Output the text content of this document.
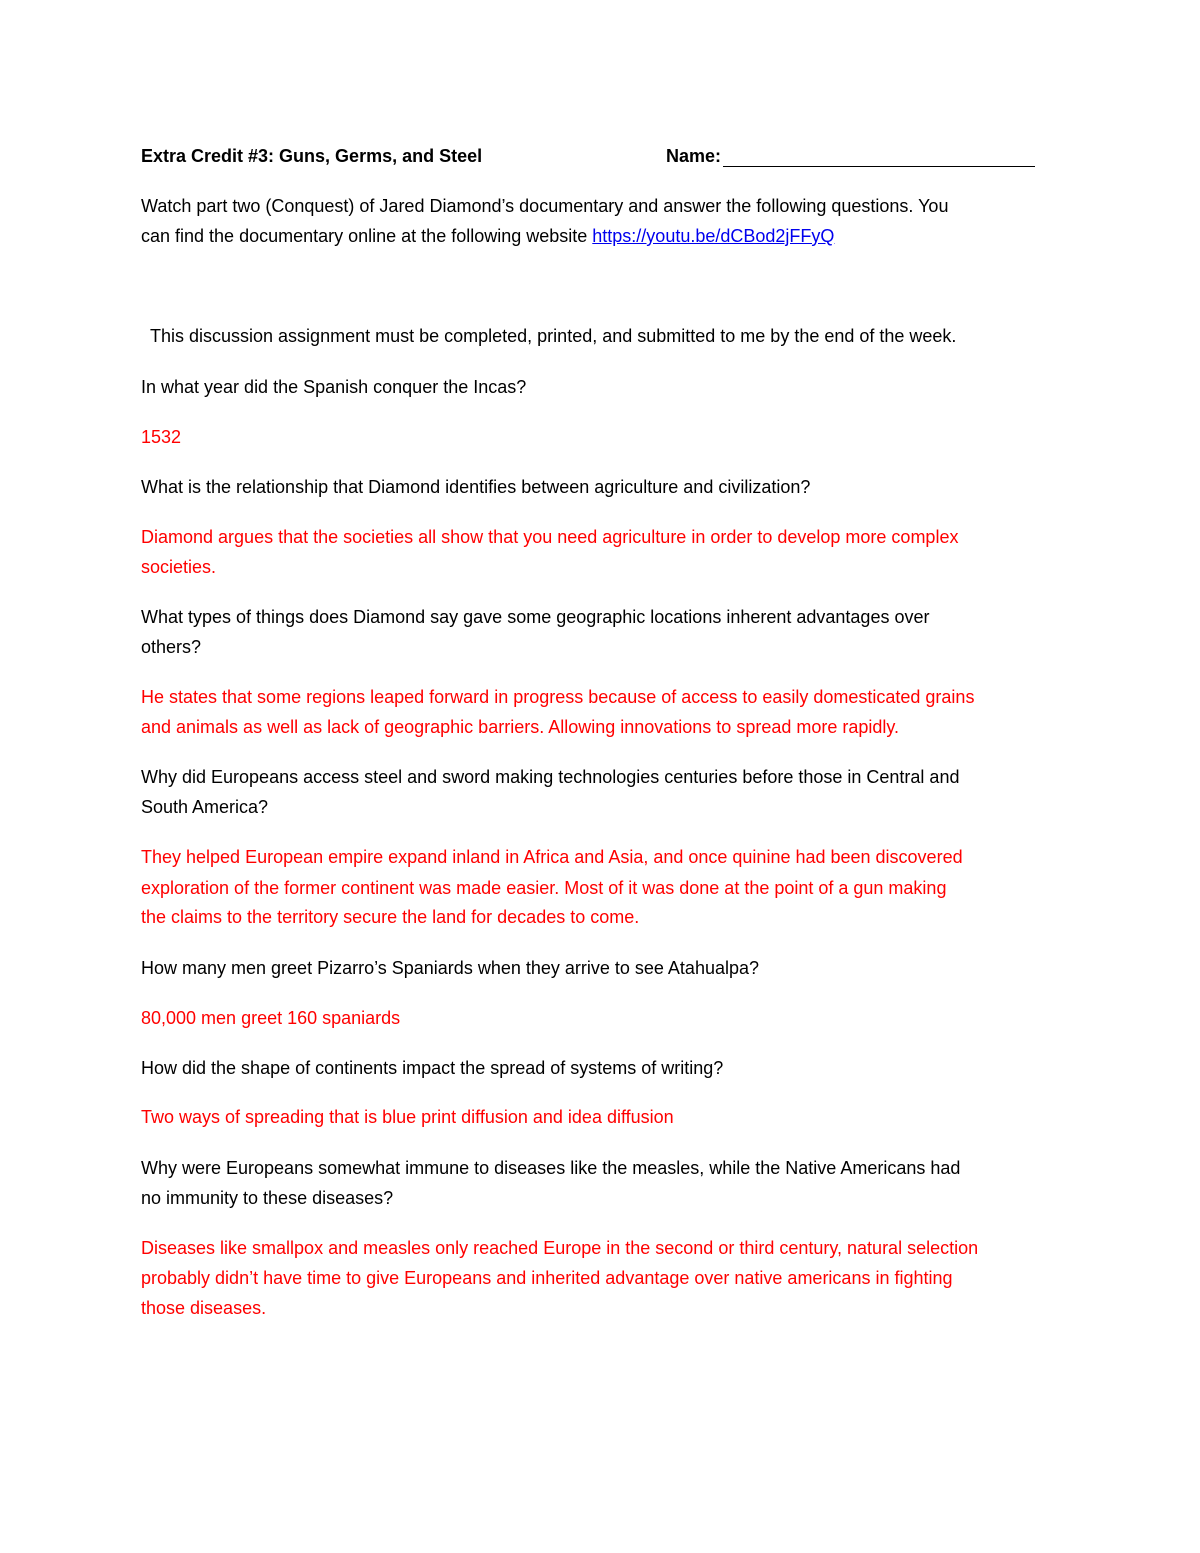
Extra Credit #3: Guns, Germs, and Steel	Name:
Watch part two (Conquest) of Jared Diamond’s documentary and answer the following questions. You
can find the documentary online at the following website https://youtu.be/dCBod2jFFyQ
This discussion assignment must be completed, printed, and submitted to me by the end of the week.
In what year did the Spanish conquer the Incas?
1532
What is the relationship that Diamond identifies between agriculture and civilization?
Diamond argues that the societies all show that you need agriculture in order to develop more complex
societies.
What types of things does Diamond say gave some geographic locations inherent advantages over
others?
He states that some regions leaped forward in progress because of access to easily domesticated grains
and animals as well as lack of geographic barriers. Allowing innovations to spread more rapidly.
Why did Europeans access steel and sword making technologies centuries before those in Central and
South America?
They helped European empire expand inland in Africa and Asia, and once quinine had been discovered
exploration of the former continent was made easier. Most of it was done at the point of a gun making
the claims to the territory secure the land for decades to come.
How many men greet Pizarro’s Spaniards when they arrive to see Atahualpa?
80,000 men greet 160 spaniards
How did the shape of continents impact the spread of systems of writing?
Two ways of spreading that is blue print diffusion and idea diffusion
Why were Europeans somewhat immune to diseases like the measles, while the Native Americans had
no immunity to these diseases?
Diseases like smallpox and measles only reached Europe in the second or third century, natural selection
probably didn’t have time to give Europeans and inherited advantage over native americans in fighting
those diseases.
